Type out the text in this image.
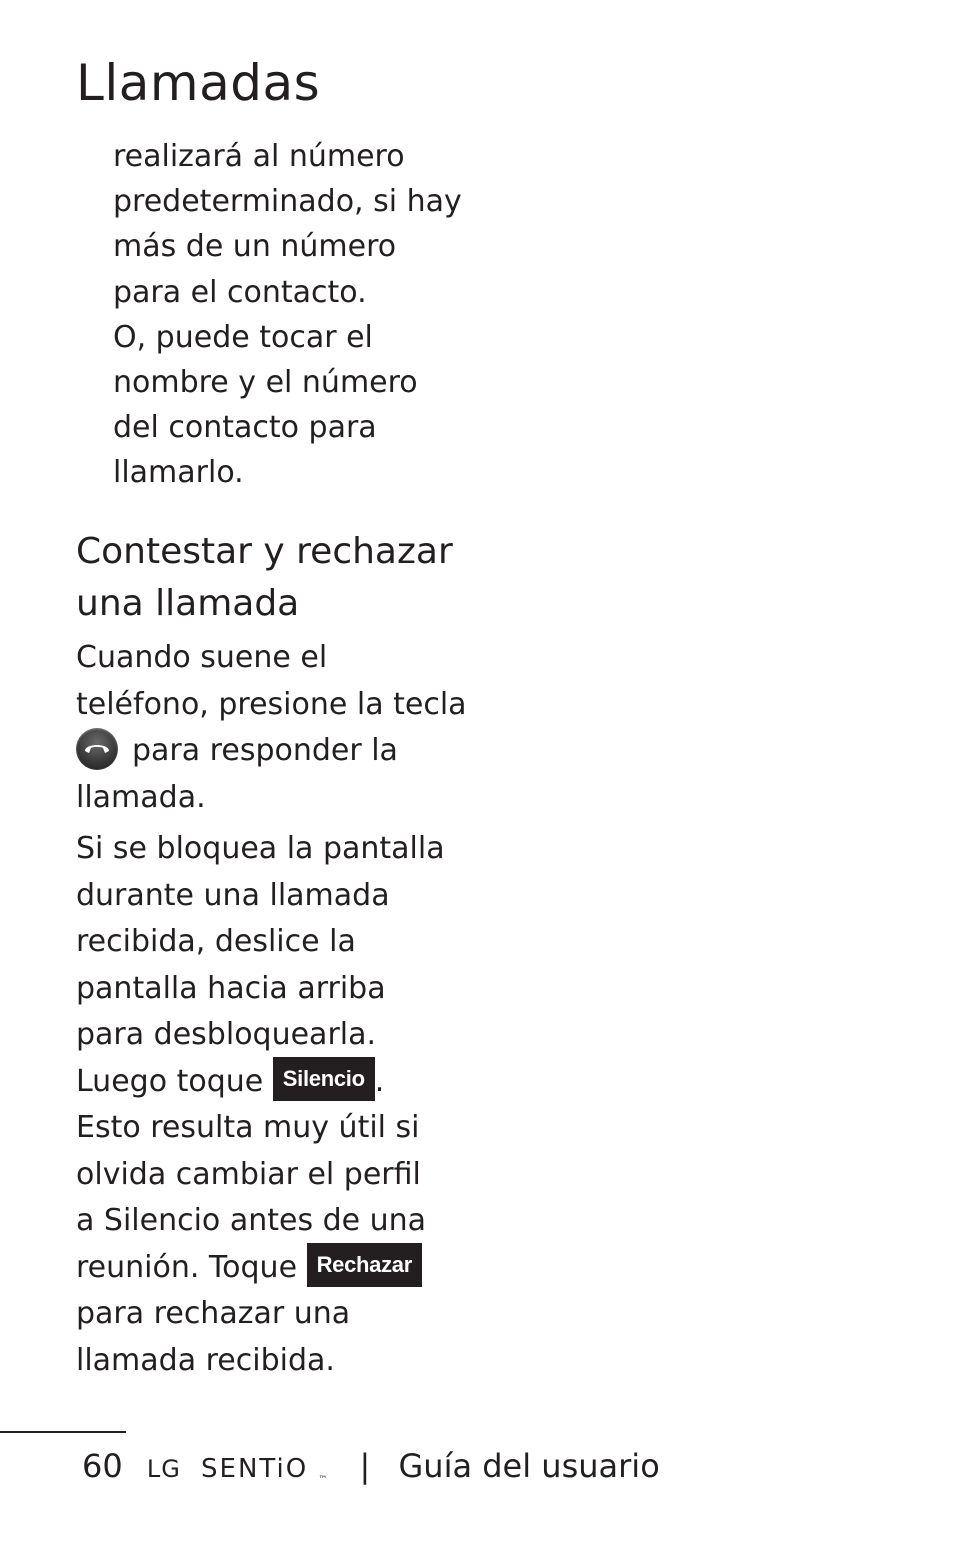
Llamadas

realizará al número
predeterminado, si hay
más de un número
para el contacto.
O, puede tocar el
nombre y el número
del contacto para
llamarlo.

Contestar y rechazar
una llamada

Cuando suene el
teléfono, presione la tecla
para responder la
llamada.

Si se bloquea la pantalla
durante una llamada
recibida, deslice la
pantalla hacia arriba
para desbloquearla.
Luego toque Silencio .
Esto resulta muy útil si
olvida cambiar el perfil
a Silencio antes de una
reunión. Toque Rechazar
para rechazar una
llamada recibida.

60 LG SENTiO ™ | Guía del usuario
